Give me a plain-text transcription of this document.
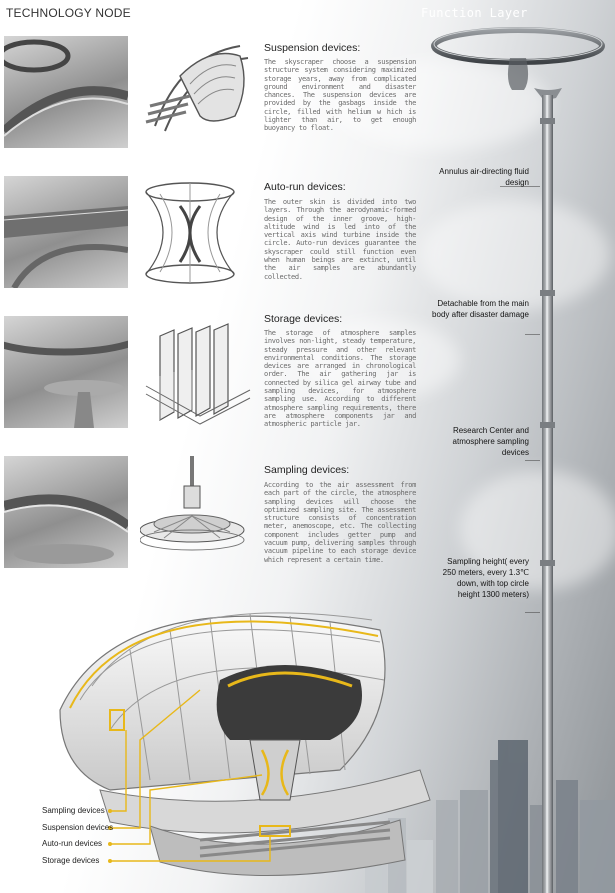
TECHNOLOGY NODE	Function Layer
Suspension devices:
The skyscraper choose a suspension structure system considering maximized storage years, away from complicated ground environment and disaster chances. The suspension devices are provided by the gasbags inside the circle, filled with helium w hich is lighter than air, to get enough buoyancy to float.
Auto-run devices:
The outer skin is divided into two layers. Through the aerodynamic-formed design of the inner groove, high-altitude wind is led into of the vertical axis wind turbine inside the circle. Auto-run devices guarantee the skyscraper could still function even when human beings are extinct, until the air samples are abundantly collected.
Storage devices:
The storage of atmosphere samples involves non-light, steady temperature, steady pressure and other relevant environmental conditions. The storage devices are arranged in chronological order. The air gathering jar is connected by silica gel airway tube and sampling devices, for atmosphere sampling use. According to different atmosphere sampling requirements, there are atmosphere components jar and atmospheric particle jar.
Sampling devices:
According to the air assessment from each part of the circle, the atmosphere sampling devices will choose the optimized sampling site. The assessment structure consists of concentration meter, anemoscope, etc. The collecting component includes getter pump and vacuum pump, delivering samples through vacuum pipeline to each storage device which represent a certain time.
Annulus air-directing fluid design
Detachable from the main body after disaster damage
Research Center and atmosphere sampling devices
Sampling height( every 250 meters, every 1.3℃ down, with top circle height 1300 meters)
Sampling devices
Suspension devices
Auto-run devices
Storage devices
